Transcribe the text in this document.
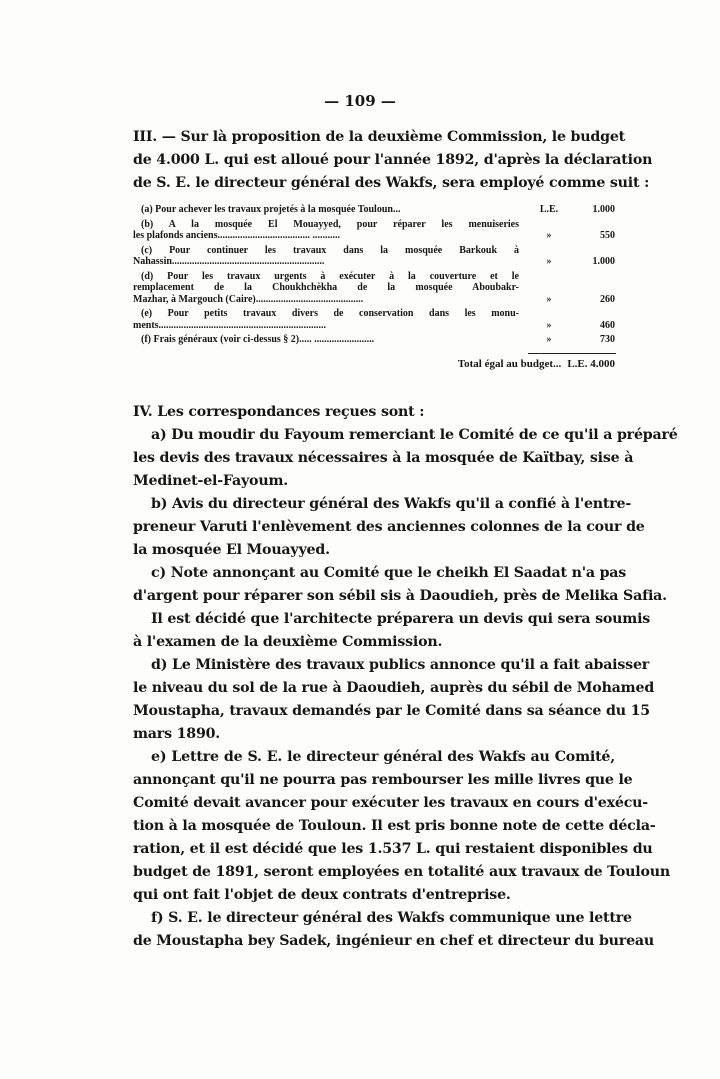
— 109 —
III. — Sur là proposition de la deuxième Commission, le budget
de 4.000 L. qui est alloué pour l'année 1892, d'après la déclaration
de S. E. le directeur général des Wakfs, sera employé comme suit :
(a) Pour achever les travaux projetés à la mosquée Touloun...	L.E.	1.000
(b) A la mosquée El Mouayyed, pour réparer les menuiseries
les plafonds anciens..................................... ...........	»	550
(c) Pour continuer les travaux dans la mosquée Barkouk à
Nahassin.............................................................	»	1.000
(d) Pour les travaux urgents à exécuter à la couverture et le
remplacement de la Choukhchèkha de la mosquée Aboubakr-
Mazhar, à Margouch (Caire)...........................................	»	260
(e) Pour petits travaux divers de conservation dans les monu-
ments...................................................................	»	460
(f) Frais généraux (voir ci-dessus § 2)..... ........................	»	730
Total égal au budget... L.E. 4.000
IV. Les correspondances reçues sont :
a) Du moudir du Fayoum remerciant le Comité de ce qu'il a préparé
les devis des travaux nécessaires à la mosquée de Kaïtbay, sise à
Medinet-el-Fayoum.
b) Avis du directeur général des Wakfs qu'il a confié à l'entre-
preneur Varuti l'enlèvement des anciennes colonnes de la cour de
la mosquée El Mouayyed.
c) Note annonçant au Comité que le cheikh El Saadat n'a pas
d'argent pour réparer son sébil sis à Daoudieh, près de Melika Safia.
Il est décidé que l'architecte préparera un devis qui sera soumis
à l'examen de la deuxième Commission.
d) Le Ministère des travaux publics annonce qu'il a fait abaisser
le niveau du sol de la rue à Daoudieh, auprès du sébil de Mohamed
Moustapha, travaux demandés par le Comité dans sa séance du 15
mars 1890.
e) Lettre de S. E. le directeur général des Wakfs au Comité,
annonçant qu'il ne pourra pas rembourser les mille livres que le
Comité devait avancer pour exécuter les travaux en cours d'exécu-
tion à la mosquée de Touloun. Il est pris bonne note de cette décla-
ration, et il est décidé que les 1.537 L. qui restaient disponibles du
budget de 1891, seront employées en totalité aux travaux de Touloun
qui ont fait l'objet de deux contrats d'entreprise.
f) S. E. le directeur général des Wakfs communique une lettre
de Moustapha bey Sadek, ingénieur en chef et directeur du bureau
